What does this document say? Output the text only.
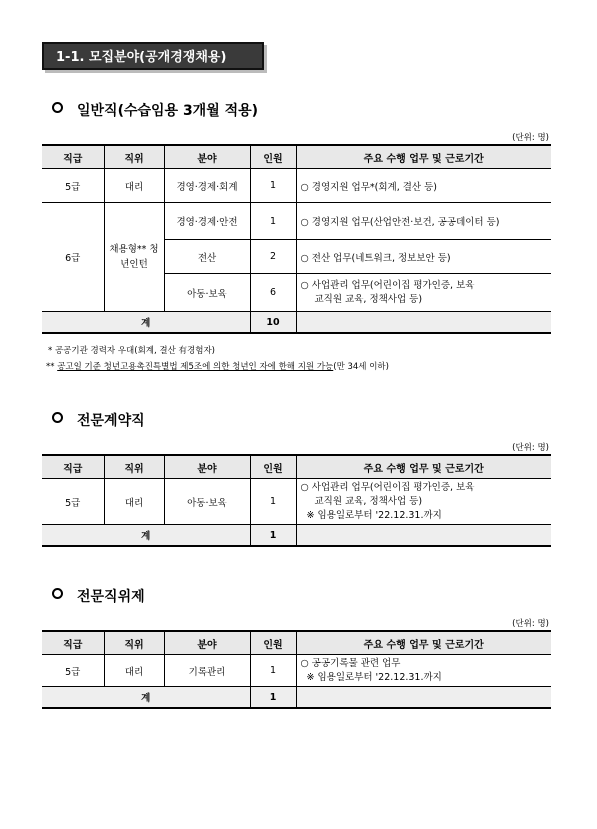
1-1. 모집분야(공개경쟁채용)
일반직(수습임용 3개월 적용)
(단위: 명)
직급	직위	분야	인원	주요 수행 업무 및 근로기간
5급	대리	경영·경제·회계	1	○ 경영지원 업무*(회계, 결산 등)
6급	채용형** 청년인턴	경영·경제·안전	1	○ 경영지원 업무(산업안전·보건, 공공데이터 등)
		전산	2	○ 전산 업무(네트워크, 정보보안 등)
		아동·보육	6	○ 사업관리 업무(어린이집 평가인증, 보육
교직원 교육, 정책사업 등)

계			10	
* 공공기관 경력자 우대(회계, 결산 有경험자)
** 공고일 기준 청년고용촉진특별법 제5조에 의한 청년인 자에 한해 지원 가능(만 34세 이하)
전문계약직
(단위: 명)
직급	직위	분야	인원	주요 수행 업무 및 근로기간
5급	대리	아동·보육	1	○ 사업관리 업무(어린이집 평가인증, 보육
교직원 교육, 정책사업 등)
※ 임용일로부터 '22.12.31.까지

계			1	
전문직위제
(단위: 명)
직급	직위	분야	인원	주요 수행 업무 및 근로기간
5급	대리	기록관리	1	○ 공공기록물 관련 업무
※ 임용일로부터 '22.12.31.까지

계			1	
